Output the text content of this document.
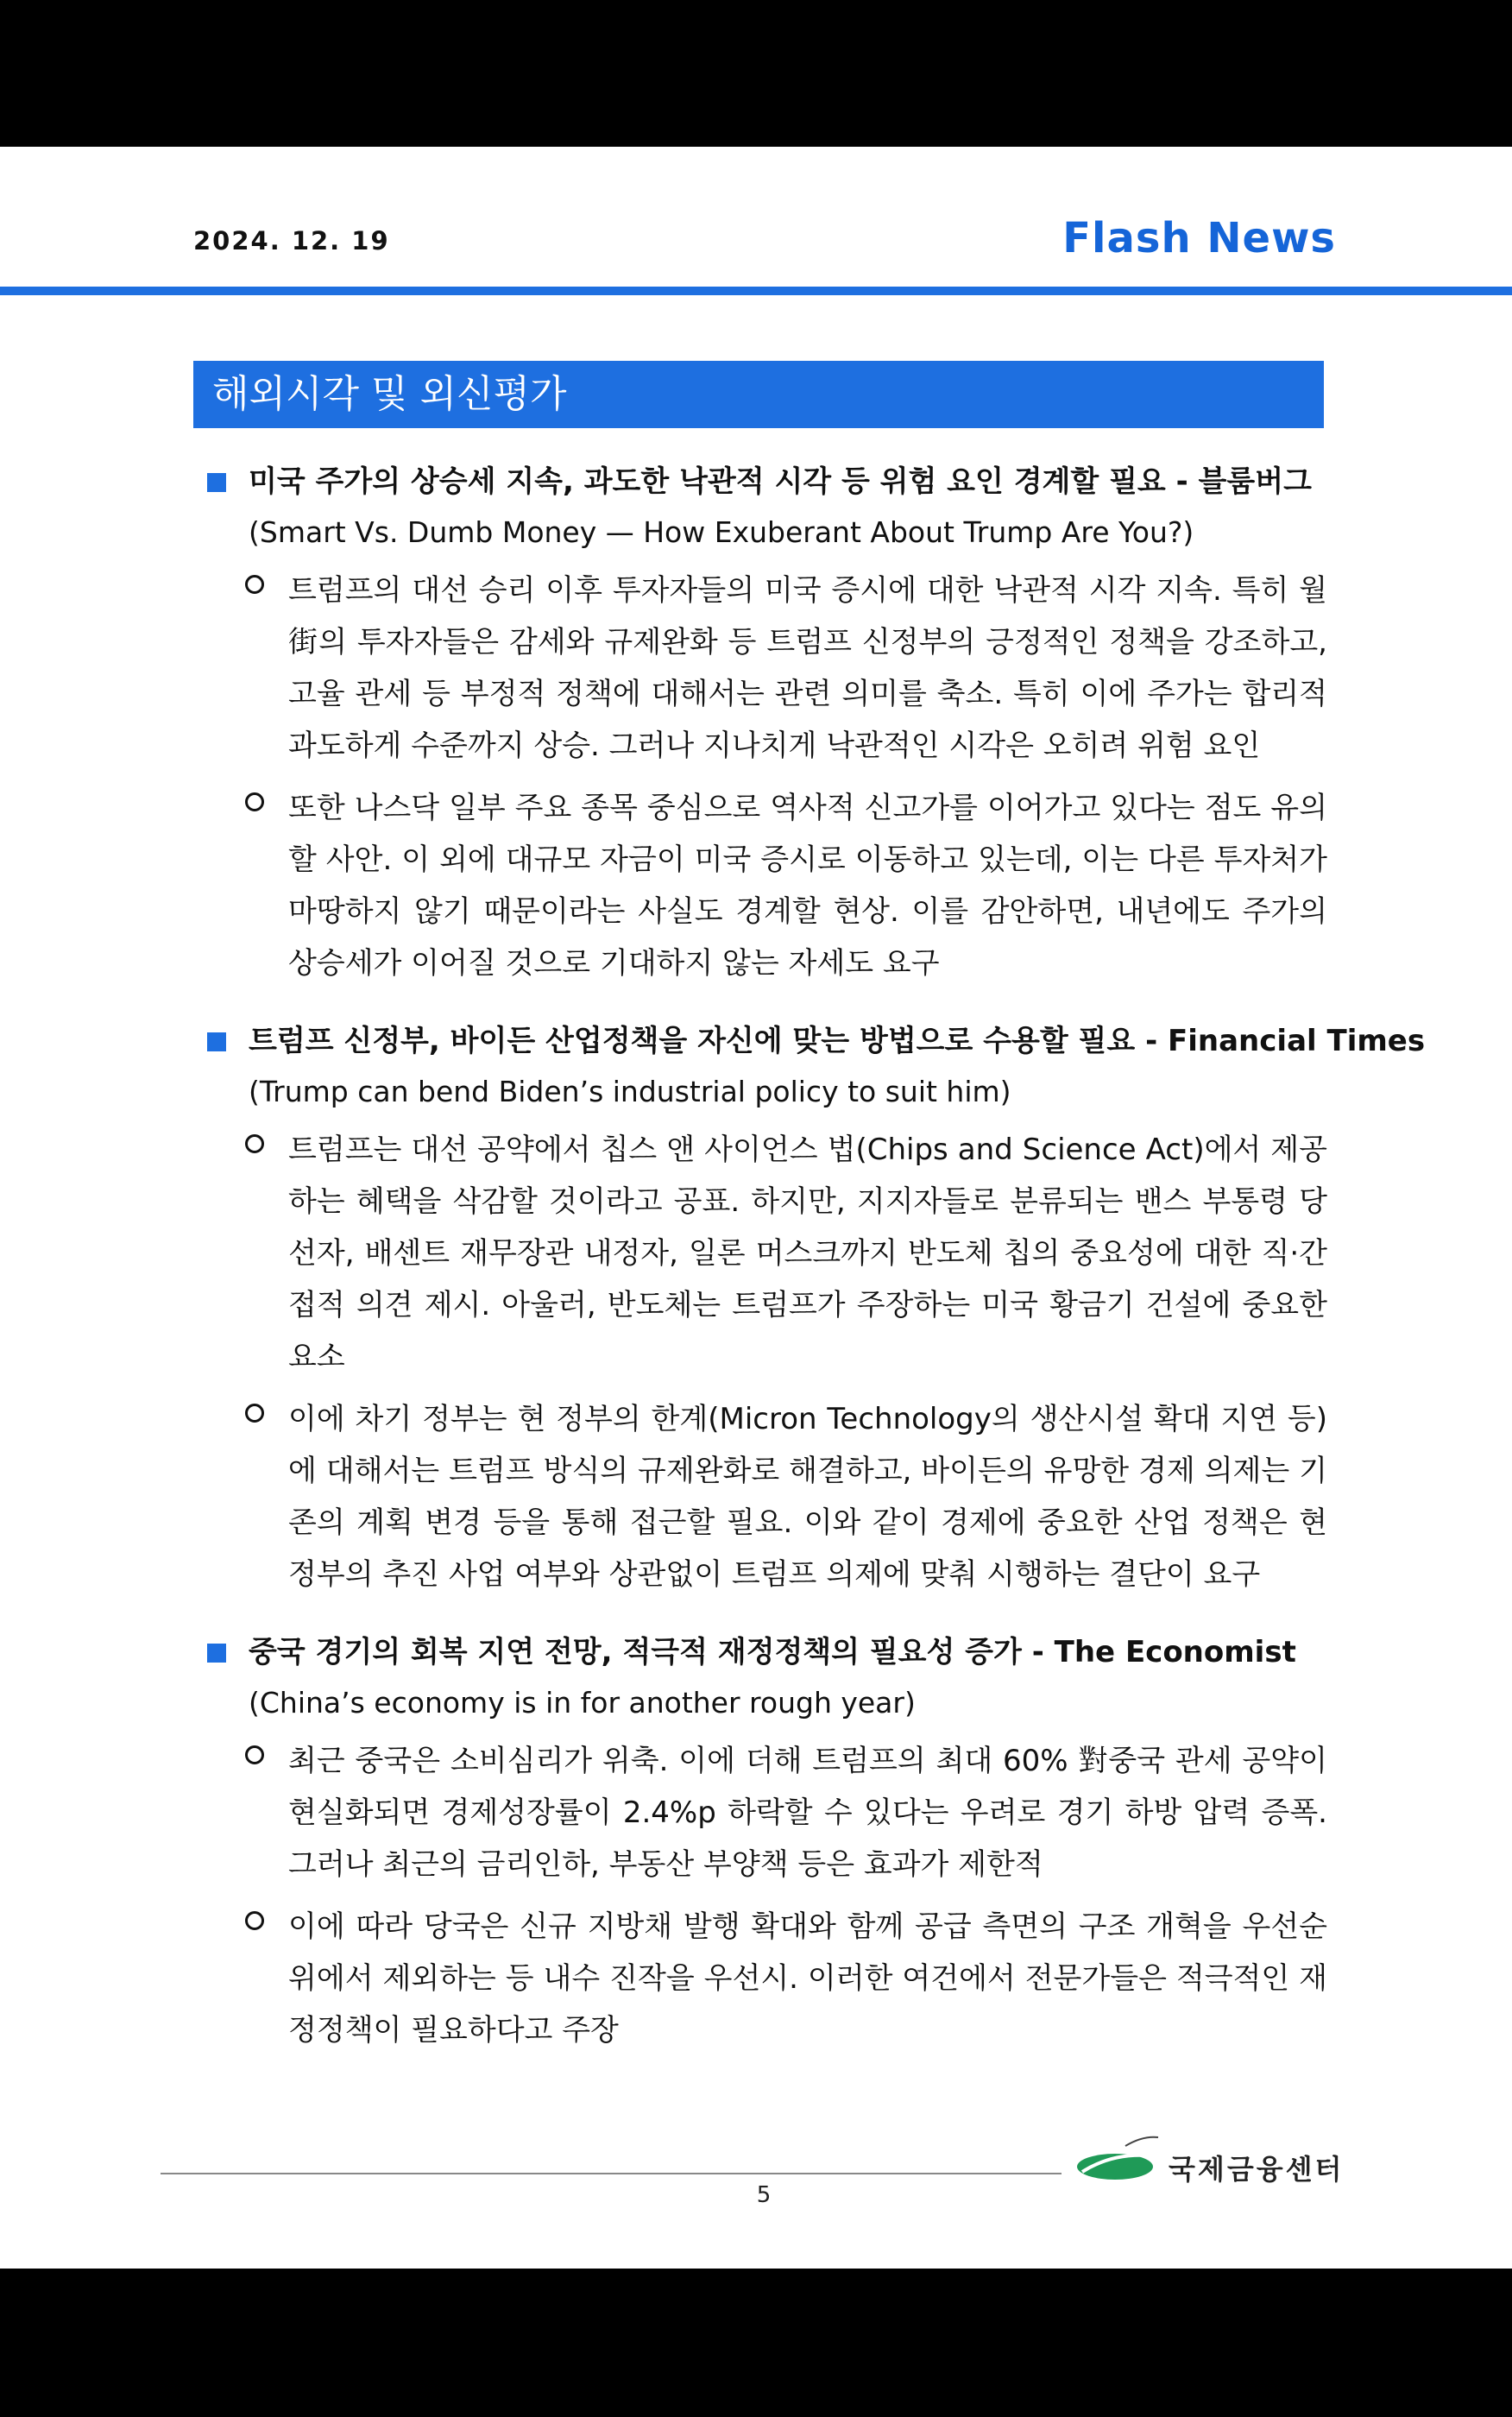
2024. 12. 19	Flash News
해외시각 및 외신평가
미국 주가의 상승세 지속, 과도한 낙관적 시각 등 위험 요인 경계할 필요 - 블룸버그
(Smart Vs. Dumb Money — How Exuberant About Trump Are You?)
트럼프의 대선 승리 이후 투자자들의 미국 증시에 대한 낙관적 시각 지속. 특히 월街의 투자자들은 감세와 규제완화 등 트럼프 신정부의 긍정적인 정책을 강조하고, 고율 관세 등 부정적 정책에 대해서는 관련 의미를 축소. 특히 이에 주가는 합리적 과도하게 수준까지 상승. 그러나 지나치게 낙관적인 시각은 오히려 위험 요인
또한 나스닥 일부 주요 종목 중심으로 역사적 신고가를 이어가고 있다는 점도 유의할 사안. 이 외에 대규모 자금이 미국 증시로 이동하고 있는데, 이는 다른 투자처가 마땅하지 않기 때문이라는 사실도 경계할 현상. 이를 감안하면, 내년에도 주가의 상승세가 이어질 것으로 기대하지 않는 자세도 요구
트럼프 신정부, 바이든 산업정책을 자신에 맞는 방법으로 수용할 필요 - Financial Times
(Trump can bend Biden’s industrial policy to suit him)
트럼프는 대선 공약에서 칩스 앤 사이언스 법(Chips and Science Act)에서 제공하는 혜택을 삭감할 것이라고 공표. 하지만, 지지자들로 분류되는 밴스 부통령 당선자, 배센트 재무장관 내정자, 일론 머스크까지 반도체 칩의 중요성에 대한 직·간접적 의견 제시. 아울러, 반도체는 트럼프가 주장하는 미국 황금기 건설에 중요한 요소
이에 차기 정부는 현 정부의 한계(Micron Technology의 생산시설 확대 지연 등)에 대해서는 트럼프 방식의 규제완화로 해결하고, 바이든의 유망한 경제 의제는 기존의 계획 변경 등을 통해 접근할 필요. 이와 같이 경제에 중요한 산업 정책은 현 정부의 추진 사업 여부와 상관없이 트럼프 의제에 맞춰 시행하는 결단이 요구
중국 경기의 회복 지연 전망, 적극적 재정정책의 필요성 증가 - The Economist
(China’s economy is in for another rough year)
최근 중국은 소비심리가 위축. 이에 더해 트럼프의 최대 60% 對중국 관세 공약이 현실화되면 경제성장률이 2.4%p 하락할 수 있다는 우려로 경기 하방 압력 증폭. 그러나 최근의 금리인하, 부동산 부양책 등은 효과가 제한적
이에 따라 당국은 신규 지방채 발행 확대와 함께 공급 측면의 구조 개혁을 우선순위에서 제외하는 등 내수 진작을 우선시. 이러한 여건에서 전문가들은 적극적인 재정정책이 필요하다고 주장
국제금융센터
5
